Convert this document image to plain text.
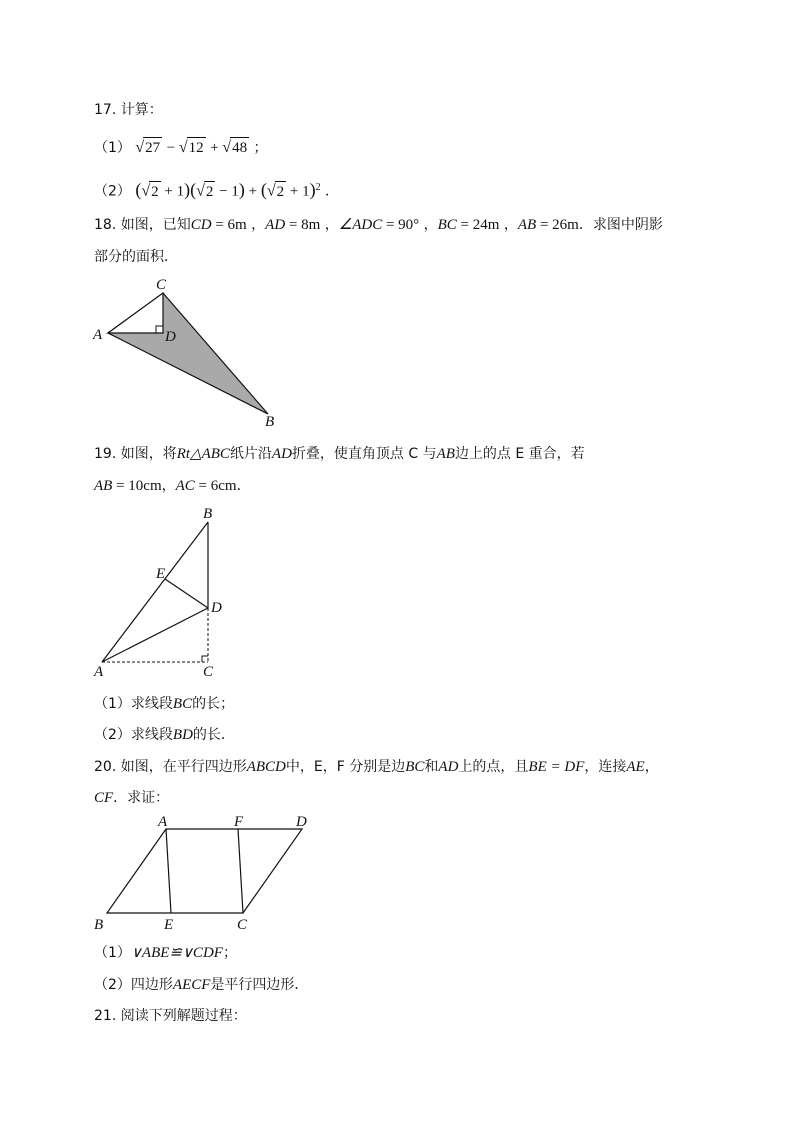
17. 计算：
（1） √27 − √12 + √48 ；
（2） $(√2 + 1)(√2 - 1) + (√2 + 1)^2$ ．
18. 如图，已知CD = 6m ，AD = 8m ，∠ADC = 90° ，BC = 24m ，AB = 26m．求图中阴影
部分的面积．
C
A	D
B
19. 如图，将Rt△ABC纸片沿AD折叠，使直角顶点 C 与AB边上的点 E 重合，若
AB = 10cm，AC = 6cm．
B
E
D
A	C
（1）求线段BC的长；
（2）求线段BD的长．
20. 如图，在平行四边形ABCD中，E，F 分别是边BC和AD上的点，且BE = DF，连接AE，
CF．求证：
A	F	D
B	E	C
（1）∨ABE≌∨CDF；
（2）四边形AECF是平行四边形．
21. 阅读下列解题过程：
